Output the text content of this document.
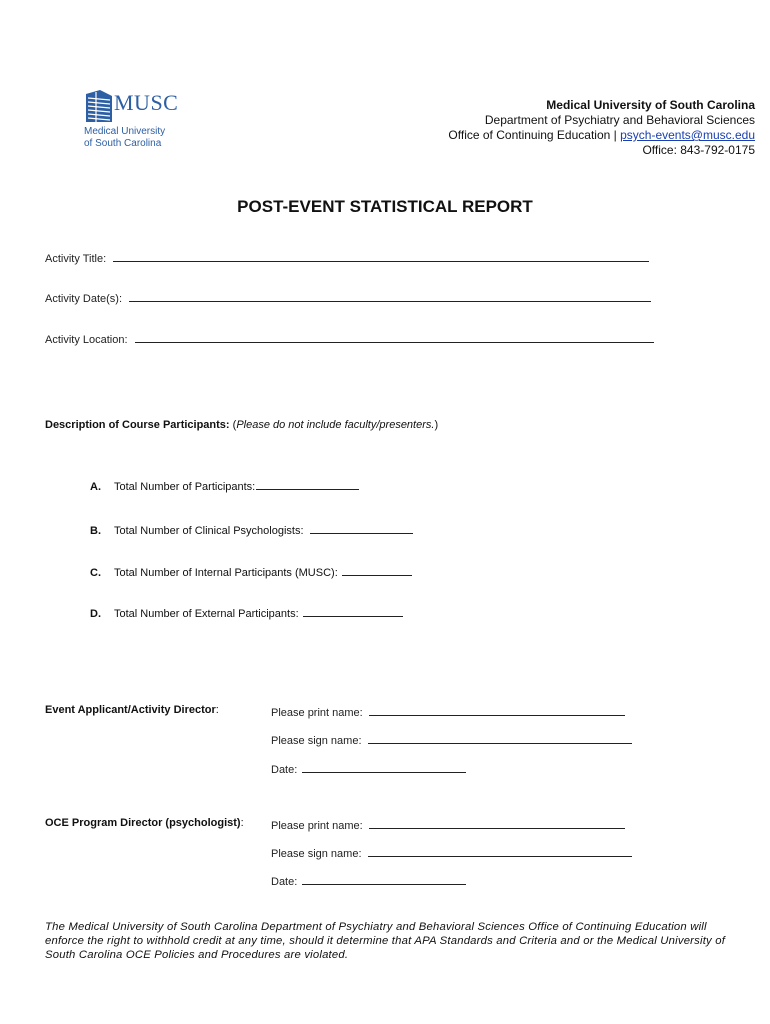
MUSC
Medical University
of South Carolina
Medical University of South Carolina
Department of Psychiatry and Behavioral Sciences
Office of Continuing Education | psych-events@musc.edu
Office: 843-792-0175
POST-EVENT STATISTICAL REPORT
Activity Title:
Activity Date(s):
Activity Location:
Description of Course Participants: (Please do not include faculty/presenters.)
A. Total Number of Participants:
B. Total Number of Clinical Psychologists:
C. Total Number of Internal Participants (MUSC):
D. Total Number of External Participants:
Event Applicant/Activity Director:	Please print name:
Please sign name:
Date:
OCE Program Director (psychologist): Please print name:
Please sign name:
Date:
The Medical University of South Carolina Department of Psychiatry and Behavioral Sciences Office of Continuing Education will enforce the right to withhold credit at any time, should it determine that APA Standards and Criteria and or the Medical University of South Carolina OCE Policies and Procedures are violated.
